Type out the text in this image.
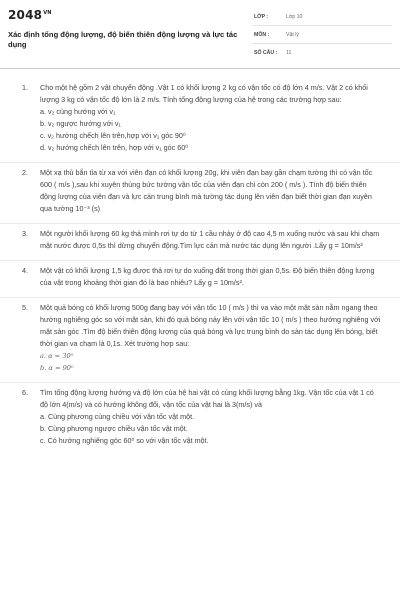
$2048^{VN}$
Xác định tổng động lượng, độ biến thiên động lượng và lực tác dụng
LỚP :	Lớp 10
MÔN :	Vật lý
SỐ CÂU : 11
1. Cho một hệ gồm 2 vật chuyển động .Vật 1 có khối lượng 2 kg có vận tốc có độ lớn 4 m/s. Vật 2 có khối lượng 3 kg có vận tốc độ lớn là 2 m/s. Tính tổng động lượng của hệ trong các trường hợp sau:

a. v₂ cùng hướng với v₁

b. v₂ ngược hướng với v₁

c. v₂ hướng chếch lên trên,hợp với v₁ góc 90⁰

d. v₂ hướng chếch lên trên, hợp với v₁ góc 60⁰

2. Một xạ thủ bắn tỉa từ xa với viên đạn có khối lượng 20g, khi viên đạn bay gần chạm tường thì có vận tốc 600 ( m/s ),sau khi xuyên thủng bức tường vận tốc của viên đạn chỉ còn 200 ( m/s ). Tính độ biến thiên động lượng của viên đạn và lực cản trung bình mà tường tác dụng lên viên đạn biết thời gian đạn xuyên qua tường 10⁻³ (s)

3. Một người khối lượng 60 kg thả mình rơi tự do từ 1 cầu nhảy ở độ cao 4,5 m xuống nước và sau khi chạm mặt nước được 0,5s thì dừng chuyển động.Tìm lực cản mà nước tác dụng lên người .Lấy g = 10m/s²

4. Một vật có khối lượng 1,5 kg được thả rơi tự do xuống đất trong thời gian 0,5s. Độ biến thiên động lượng của vật trong khoảng thời gian đó là bao nhiêu? Lấy g = 10m/s².

5. Một quả bóng có khối lượng 500g đang bay với vận tốc 10 ( m/s ) thì va vào một mặt sàn nằm ngang theo hướng nghiêng góc so với mặt sàn, khi đó quả bóng nảy lên với vận tốc 10 ( m/s ) theo hướng nghiêng với mặt sàn góc .Tìm độ biến thiên động lượng của quả bóng và lực trung bình do sàn tác dụng lên bóng, biết thời gian va chạm là 0,1s. Xét trường hợp sau:

a. α = 30⁰

b. α = 90⁰

6. Tìm tổng động lượng hướng và độ lớn của hệ hai vật có cùng khối lượng bằng 1kg. Vận tốc của vật 1 có độ lớn 4(m/s) và có hướng không đổi, vận tốc của vật hai là 3(m/s) và

a. Cùng phương cùng chiều với vận tốc vật một.

b. Cùng phương ngược chiều vận tốc vật một.

c. Có hướng nghiêng góc 60⁰ so với vận tốc vật một.
